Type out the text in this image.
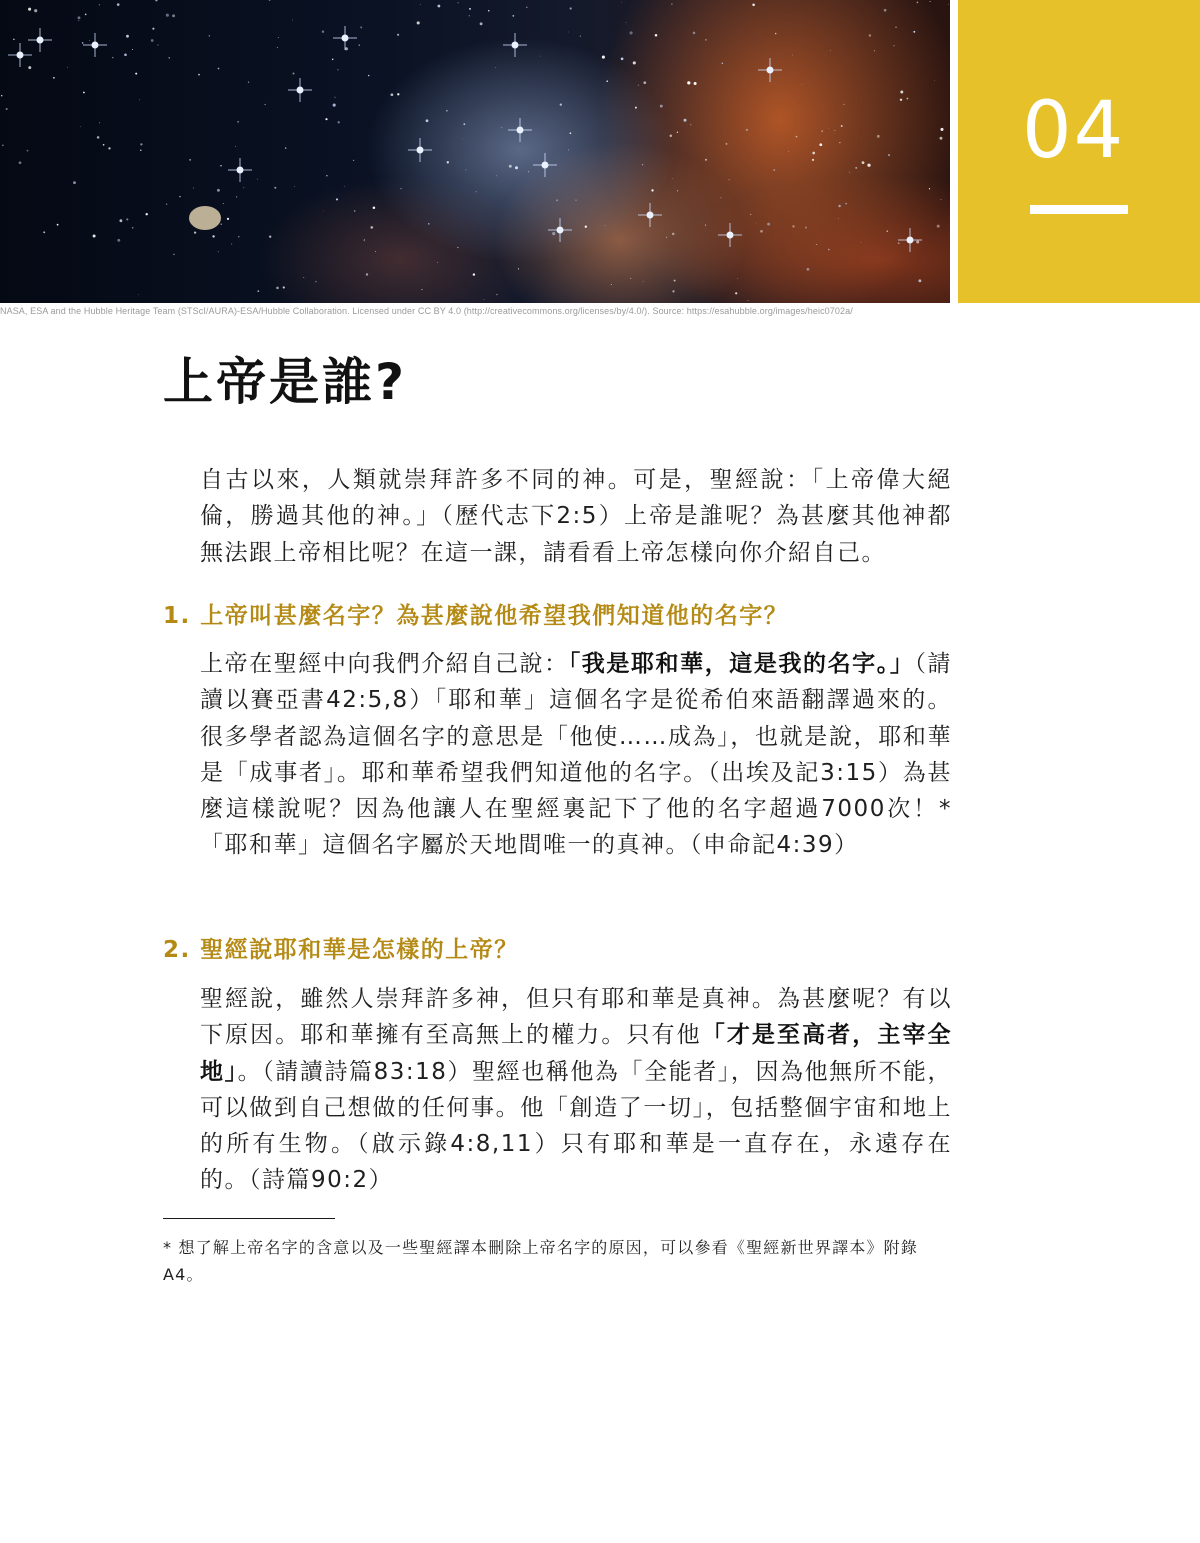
NASA, ESA and the Hubble Heritage Team (STScI/AURA)-ESA/Hubble Collaboration. Licensed under CC BY 4.0 (http://creativecommons.org/licenses/by/4.0/). Source: https://esahubble.org/images/heic0702a/
04
上帝是誰?

自古以來，人類就崇拜許多不同的神。可是，聖經說：「上帝偉大絕倫，勝過其他的神。」（歷代志下2:5）上帝是誰呢？為甚麼其他神都無法跟上帝相比呢？在這一課，請看看上帝怎樣向你介紹自己。

1. 上帝叫甚麼名字？為甚麼說他希望我們知道他的名字？

上帝在聖經中向我們介紹自己說：「我是耶和華，這是我的名字。」（請讀以賽亞書42:5,8）「耶和華」這個名字是從希伯來語翻譯過來的。很多學者認為這個名字的意思是「他使……成為」，也就是說，耶和華是「成事者」。耶和華希望我們知道他的名字。（出埃及記3:15）為甚麼這樣說呢？因為他讓人在聖經裏記下了他的名字超過7000次！*「耶和華」這個名字屬於天地間唯一的真神。（申命記4:39）

2. 聖經說耶和華是怎樣的上帝？

聖經說，雖然人崇拜許多神，但只有耶和華是真神。為甚麼呢？有以下原因。耶和華擁有至高無上的權力。只有他「才是至高者，主宰全地」。（請讀詩篇83:18）聖經也稱他為「全能者」，因為他無所不能，可以做到自己想做的任何事。他「創造了一切」，包括整個宇宙和地上的所有生物。（啟示錄4:8,11）只有耶和華是一直存在，永遠存在的。（詩篇90:2）

* 想了解上帝名字的含意以及一些聖經譯本刪除上帝名字的原因，可以參看《聖經新世界譯本》附錄A4。
